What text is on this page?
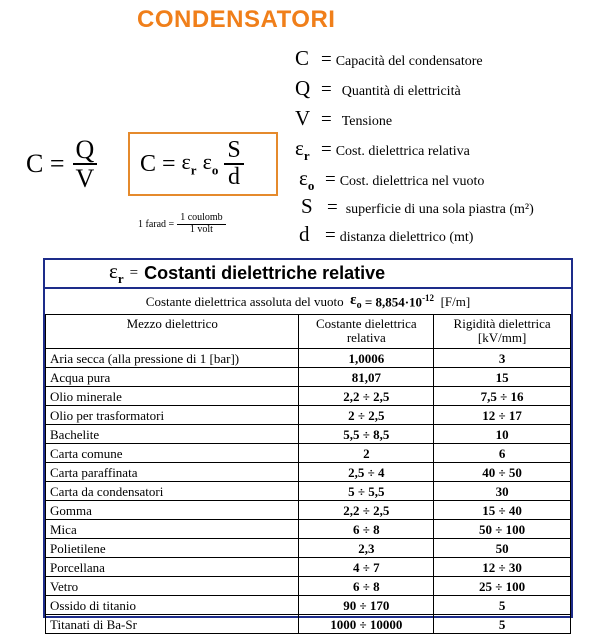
CONDENSATORI
$C = \frac{Q}{V}$ $C = \varepsilon_r$ $\varepsilon_o \frac{S}{d}$
1 farad = $\frac{\text{1 coulomb}}{\text{1 volt}}$
C = Capacità del condensatore
Q = Quantità di elettricità
V = Tensione
$\varepsilon_r$ = Cost. dielettrica relativa
$\varepsilon_o$ = Cost. dielettrica nel vuoto
S = superficie di una sola piastra (m²)
d = distanza dielettrico (mt)
$\varepsilon_r$ = Costanti dielettriche relative
Costante dielettrica assoluta del vuoto
$\varepsilon_o$
= $8,854\cdot 10^{-12}$
[F/m]
Mezzo dielettrico	Costante dielettrica relativa	Rigidità dielettrica [kV/mm]
Aria secca (alla pressione di 1 [bar])	1,0006	3
Acqua pura	81,07	15
Olio minerale	2,2 ÷ 2,5	7,5 ÷ 16
Olio per trasformatori	2 ÷ 2,5	12 ÷ 17
Bachelite	5,5 ÷ 8,5	10
Carta comune	2	6
Carta paraffinata	2,5 ÷ 4	40 ÷ 50
Carta da condensatori	5 ÷ 5,5	30
Gomma	2,2 ÷ 2,5	15 ÷ 40
Mica	6 ÷ 8	50 ÷ 100
Polietilene	2,3	50
Porcellana	4 ÷ 7	12 ÷ 30
Vetro	6 ÷ 8	25 ÷ 100
Ossido di titanio	90 ÷ 170	5
Titanati di Ba-Sr	1000 ÷ 10000	5
